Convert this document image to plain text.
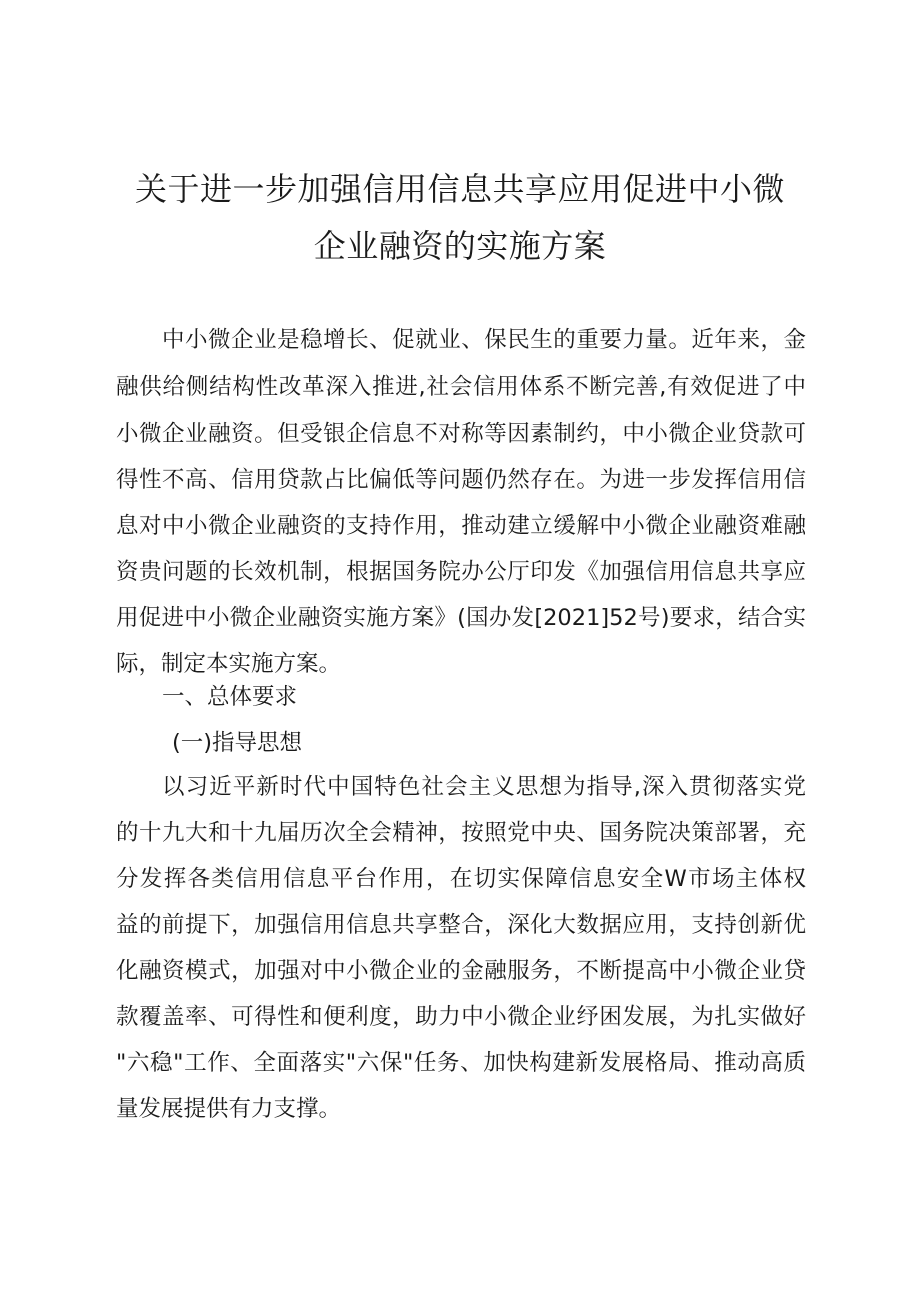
关于进一步加强信用信息共享应用促进中小微
企业融资的实施方案
中小微企业是稳增长、促就业、保民生的重要力量。近年来，金
融供给侧结构性改革深入推进,社会信用体系不断完善,有效促进了中
小微企业融资。但受银企信息不对称等因素制约，中小微企业贷款可
得性不高、信用贷款占比偏低等问题仍然存在。为进一步发挥信用信
息对中小微企业融资的支持作用，推动建立缓解中小微企业融资难融
资贵问题的长效机制，根据国务院办公厅印发《加强信用信息共享应
用促进中小微企业融资实施方案》(国办发[2021]52号)要求，结合实
际，制定本实施方案。
一、总体要求
(一)指导思想
以习近平新时代中国特色社会主义思想为指导,深入贯彻落实党
的十九大和十九届历次全会精神，按照党中央、国务院决策部署，充
分发挥各类信用信息平台作用，在切实保障信息安全W市场主体权
益的前提下，加强信用信息共享整合，深化大数据应用，支持创新优
化融资模式，加强对中小微企业的金融服务，不断提高中小微企业贷
款覆盖率、可得性和便利度，助力中小微企业纾困发展，为扎实做好
"六稳"工作、全面落实"六保"任务、加快构建新发展格局、推动高质
量发展提供有力支撑。
